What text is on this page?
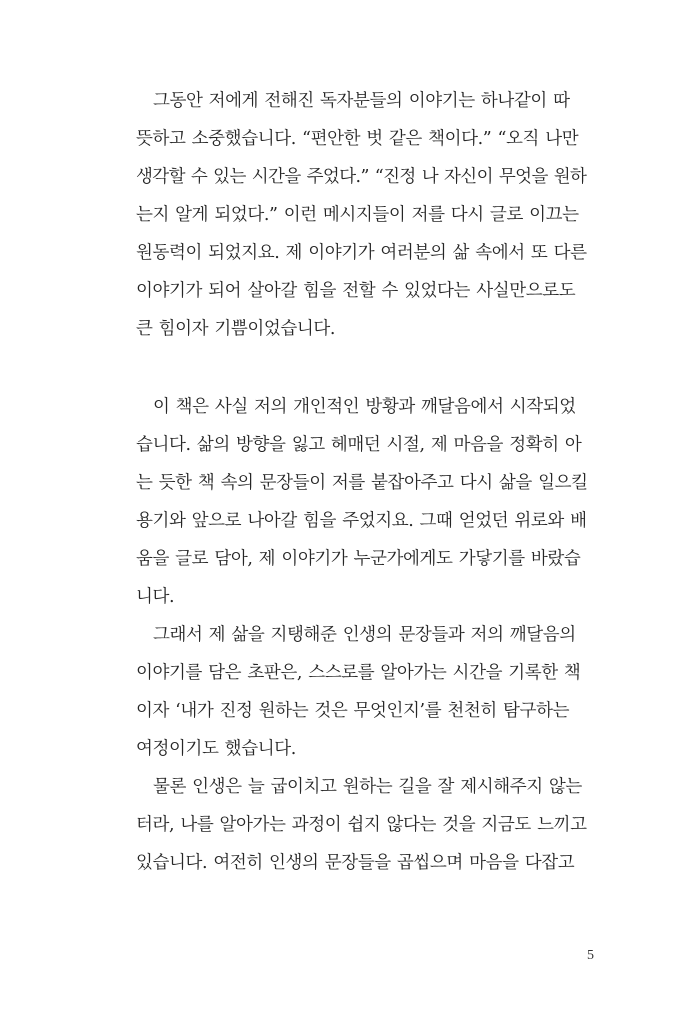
그동안 저에게 전해진 독자분들의 이야기는 하나같이 따
뜻하고 소중했습니다. “편안한 벗 같은 책이다.” “오직 나만
생각할 수 있는 시간을 주었다.” “진정 나 자신이 무엇을 원하
는지 알게 되었다.” 이런 메시지들이 저를 다시 글로 이끄는
원동력이 되었지요. 제 이야기가 여러분의 삶 속에서 또 다른
이야기가 되어 살아갈 힘을 전할 수 있었다는 사실만으로도
큰 힘이자 기쁨이었습니다.
이 책은 사실 저의 개인적인 방황과 깨달음에서 시작되었
습니다. 삶의 방향을 잃고 헤매던 시절, 제 마음을 정확히 아
는 듯한 책 속의 문장들이 저를 붙잡아주고 다시 삶을 일으킬
용기와 앞으로 나아갈 힘을 주었지요. 그때 얻었던 위로와 배
움을 글로 담아, 제 이야기가 누군가에게도 가닿기를 바랐습
니다.
그래서 제 삶을 지탱해준 인생의 문장들과 저의 깨달음의
이야기를 담은 초판은, 스스로를 알아가는 시간을 기록한 책
이자 ‘내가 진정 원하는 것은 무엇인지’를 천천히 탐구하는
여정이기도 했습니다.
물론 인생은 늘 굽이치고 원하는 길을 잘 제시해주지 않는
터라, 나를 알아가는 과정이 쉽지 않다는 것을 지금도 느끼고
있습니다. 여전히 인생의 문장들을 곱씹으며 마음을 다잡고
5
